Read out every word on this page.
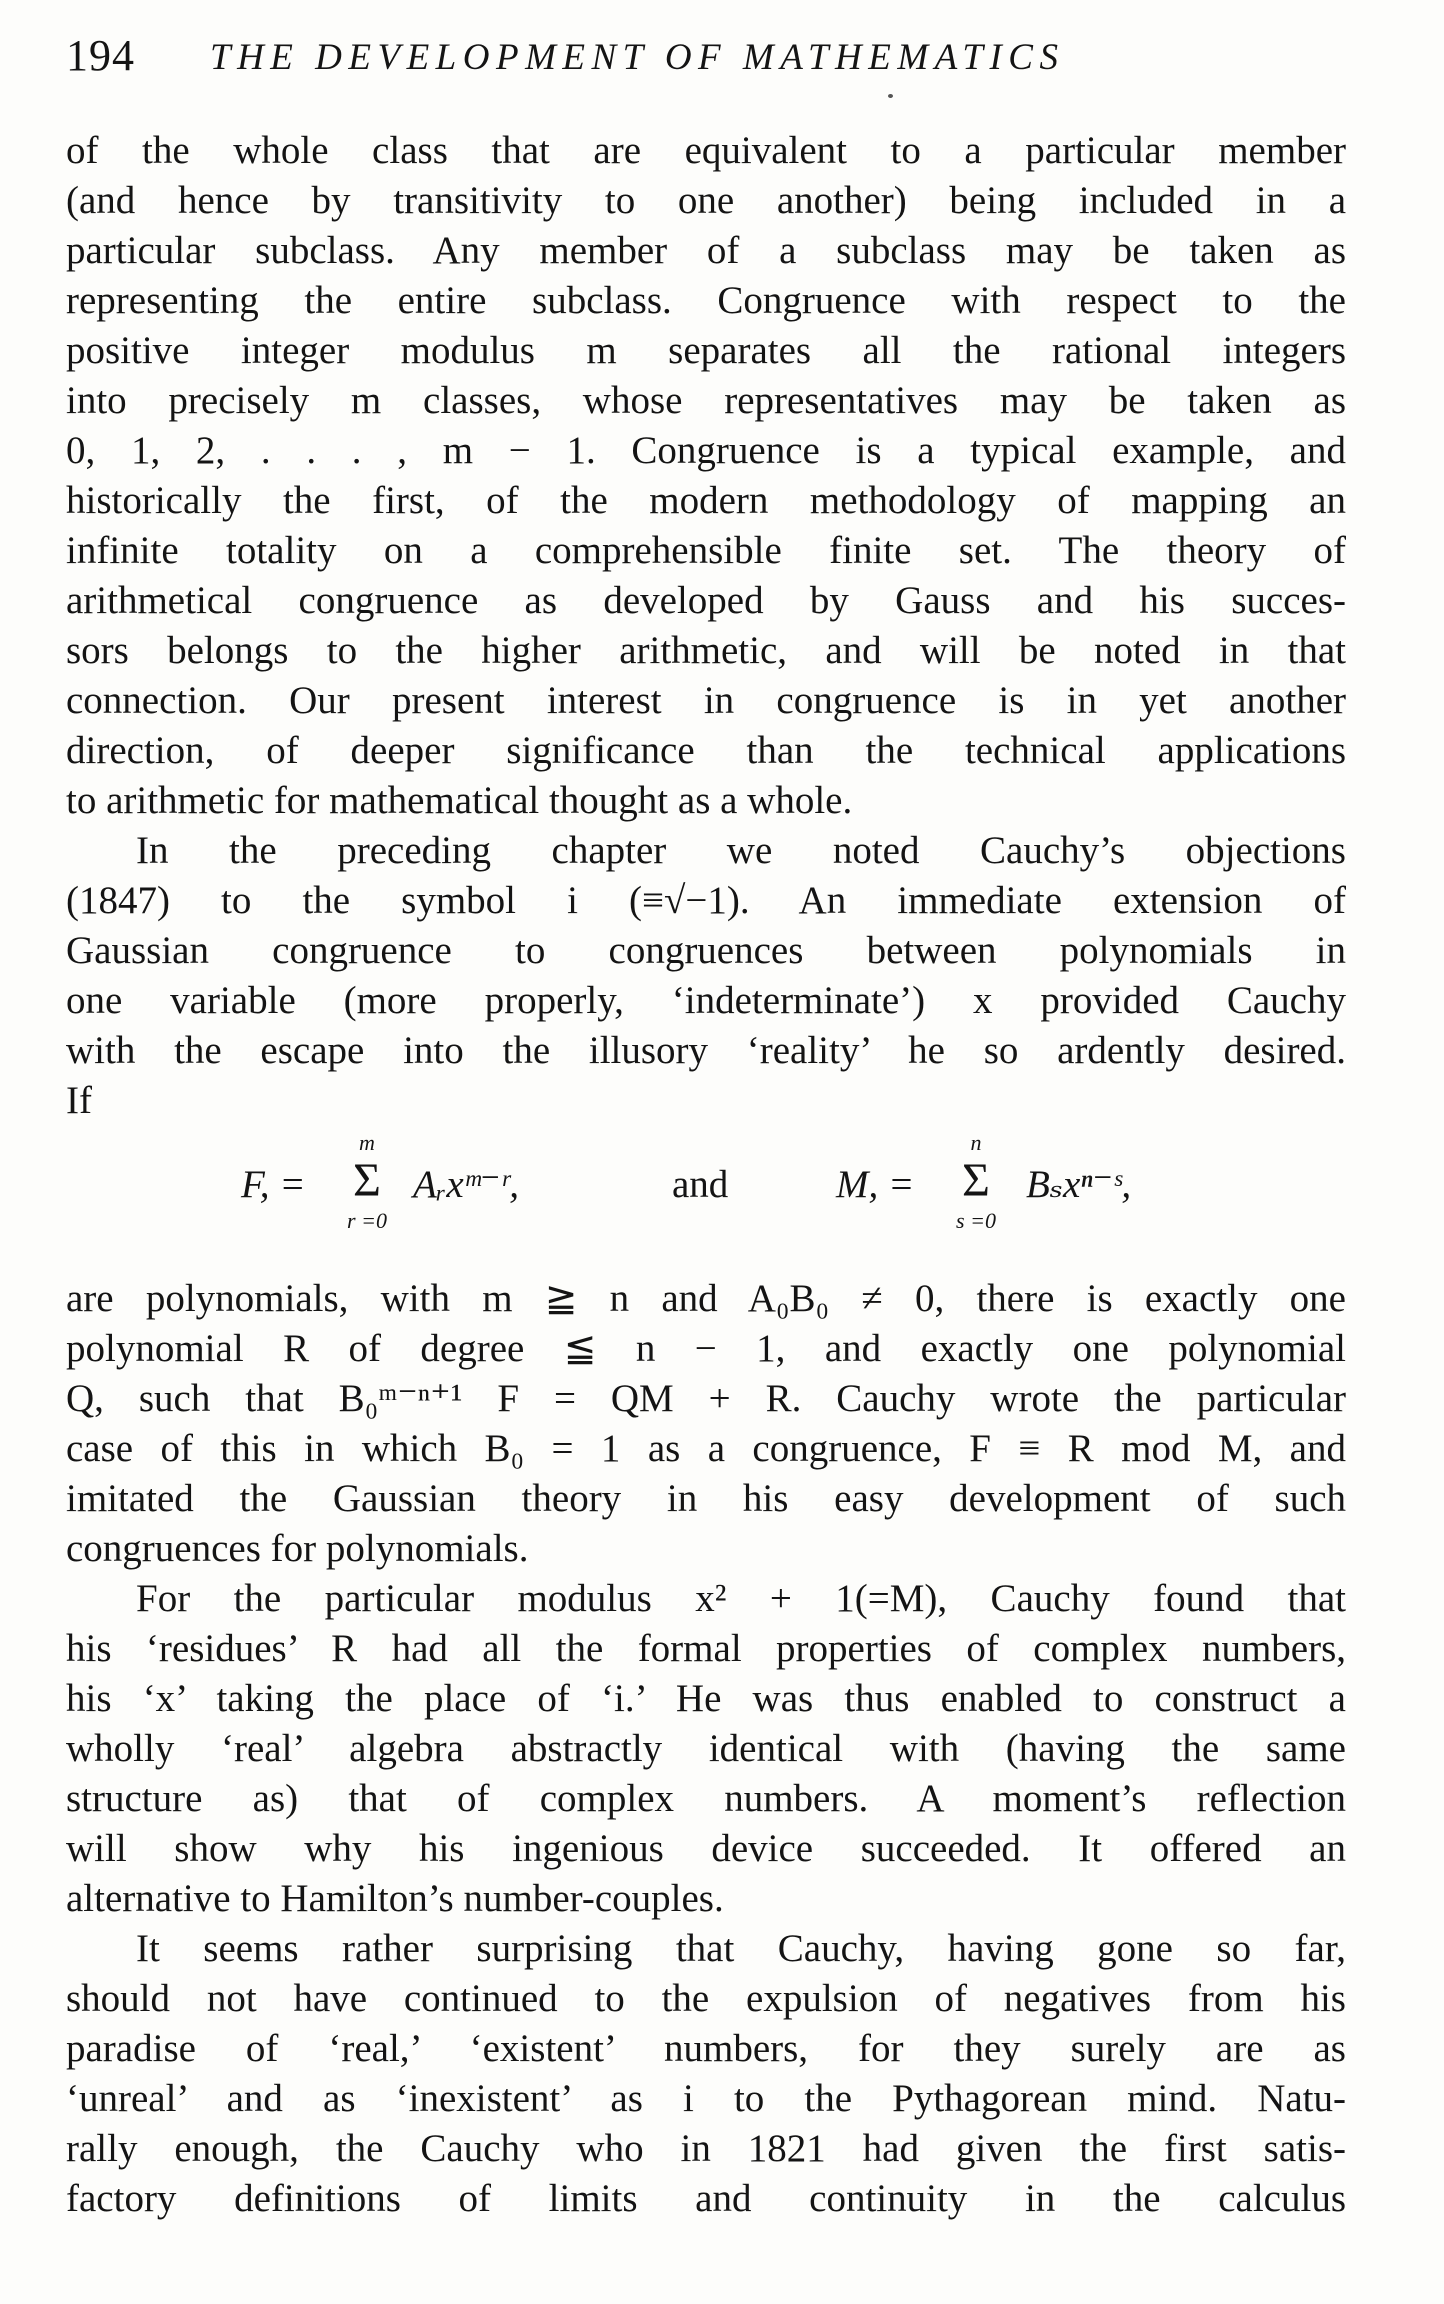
194 THE DEVELOPMENT OF MATHEMATICS
of the whole class that are equivalent to a particular member
(and hence by transitivity to one another) being included in a
particular subclass. Any member of a subclass may be taken as
representing the entire subclass. Congruence with respect to the
positive integer modulus m separates all the rational integers
into precisely m classes, whose representatives may be taken as
0, 1, 2, . . . , m − 1. Congruence is a typical example, and
historically the first, of the modern methodology of mapping an
infinite totality on a comprehensible finite set. The theory of
arithmetical congruence as developed by Gauss and his succes-
sors belongs to the higher arithmetic, and will be noted in that
connection. Our present interest in congruence is in yet another
direction, of deeper significance than the technical applications
to arithmetic for mathematical thought as a whole.
In the preceding chapter we noted Cauchy’s objections
(1847) to the symbol i (≡√−1). An immediate extension of
Gaussian congruence to congruences between polynomials in
one variable (more properly, ‘indeterminate’) x provided Cauchy
with the escape into the illusory ‘reality’ he so ardently desired.
If
F, =
m
Σ
r =0
Aᵣxᵐ⁻ʳ,	and	M, =
n
Σ
s =0
Bₛxⁿ⁻ˢ,
are polynomials, with m ≧ n and A₀B₀ ≠ 0, there is exactly one
polynomial R of degree ≦ n − 1, and exactly one polynomial
Q, such that B₀ᵐ⁻ⁿ⁺¹ F = QM + R. Cauchy wrote the particular
case of this in which B₀ = 1 as a congruence, F ≡ R mod M, and
imitated the Gaussian theory in his easy development of such
congruences for polynomials.
For the particular modulus x² + 1(=M), Cauchy found that
his ‘residues’ R had all the formal properties of complex numbers,
his ‘x’ taking the place of ‘i.’ He was thus enabled to construct a
wholly ‘real’ algebra abstractly identical with (having the same
structure as) that of complex numbers. A moment’s reflection
will show why his ingenious device succeeded. It offered an
alternative to Hamilton’s number-couples.
It seems rather surprising that Cauchy, having gone so far,
should not have continued to the expulsion of negatives from his
paradise of ‘real,’ ‘existent’ numbers, for they surely are as
‘unreal’ and as ‘inexistent’ as i to the Pythagorean mind. Natu-
rally enough, the Cauchy who in 1821 had given the first satis-
factory definitions of limits and continuity in the calculus
